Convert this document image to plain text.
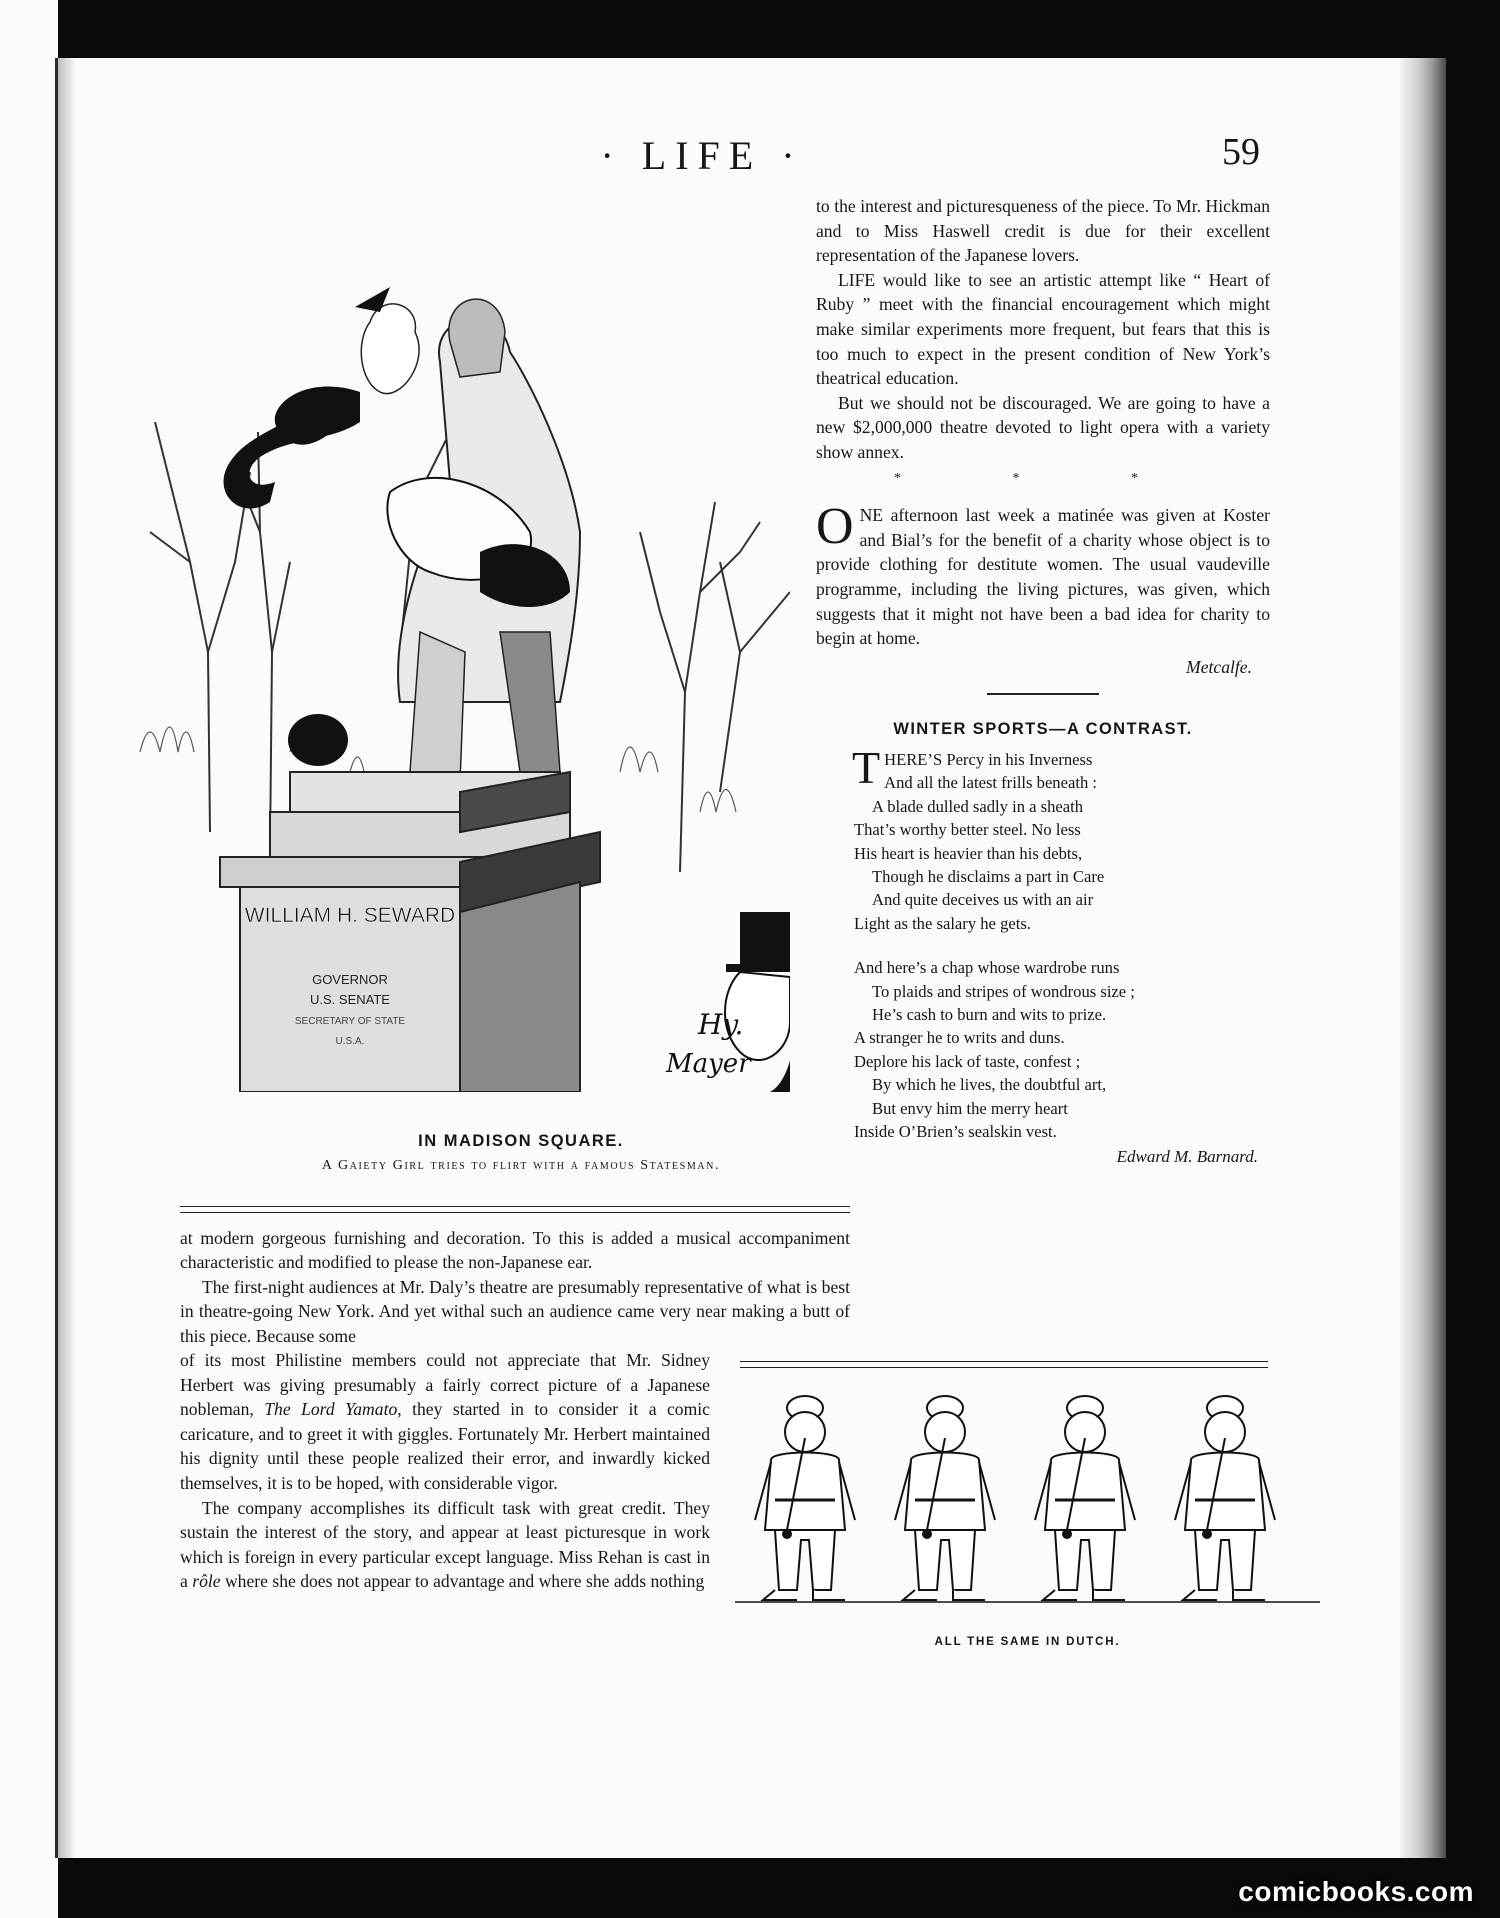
· LIFE ·	59
WILLIAM H. SEWARD
GOVERNOR
U.S. SENATE
SECRETARY OF STATE
U.S.A.
Hy.
Mayer
IN MADISON SQUARE.
A Gaiety Girl tries to flirt with a famous Statesman.

to the interest and picturesqueness of the piece. To Mr. Hickman and to Miss Haswell credit is due for their excellent representation of the Japanese lovers.

LIFE would like to see an artistic attempt like “ Heart of Ruby ” meet with the financial encouragement which might make similar experiments more frequent, but fears that this is too much to expect in the present condition of New York’s theatrical education.

But we should not be discouraged. We are going to have a new $2,000,000 theatre devoted to light opera with a variety show annex.

* * *

ONE afternoon last week a matinée was given at Koster and Bial’s for the benefit of a charity whose object is to provide clothing for destitute women. The usual vaudeville programme, including the living pictures, was given, which suggests that it might not have been a bad idea for charity to begin at home.

Metcalfe.

WINTER SPORTS—A CONTRAST.

THERE’S Percy in his Inverness
And all the latest frills beneath :
A blade dulled sadly in a sheath
That’s worthy better steel. No less
His heart is heavier than his debts,
Though he disclaims a part in Care
And quite deceives us with an air
Light as the salary he gets.
And here’s a chap whose wardrobe runs
To plaids and stripes of wondrous size ;
He’s cash to burn and wits to prize.
A stranger he to writs and duns.
Deplore his lack of taste, confest ;
By which he lives, the doubtful art,
But envy him the merry heart
Inside O’Brien’s sealskin vest.
Edward M. Barnard.

at modern gorgeous furnishing and decoration. To this is added a musical accompaniment characteristic and modified to please the non-Japanese ear.

The first-night audiences at Mr. Daly’s theatre are presumably representative of what is best in theatre-going New York. And yet withal such an audience came very near making a butt of this piece. Because some

of its most Philistine members could not appreciate that Mr. Sidney Herbert was giving presumably a fairly correct picture of a Japanese nobleman, The Lord Yamato, they started in to consider it a comic caricature, and to greet it with giggles. Fortunately Mr. Herbert maintained his dignity until these people realized their error, and inwardly kicked themselves, it is to be hoped, with considerable vigor.

The company accomplishes its difficult task with great credit. They sustain the interest of the story, and appear at least picturesque in work which is foreign in every particular except language. Miss Rehan is cast in a rôle where she does not appear to advantage and where she adds nothing

ALL THE SAME IN DUTCH.
comicbooks.com
